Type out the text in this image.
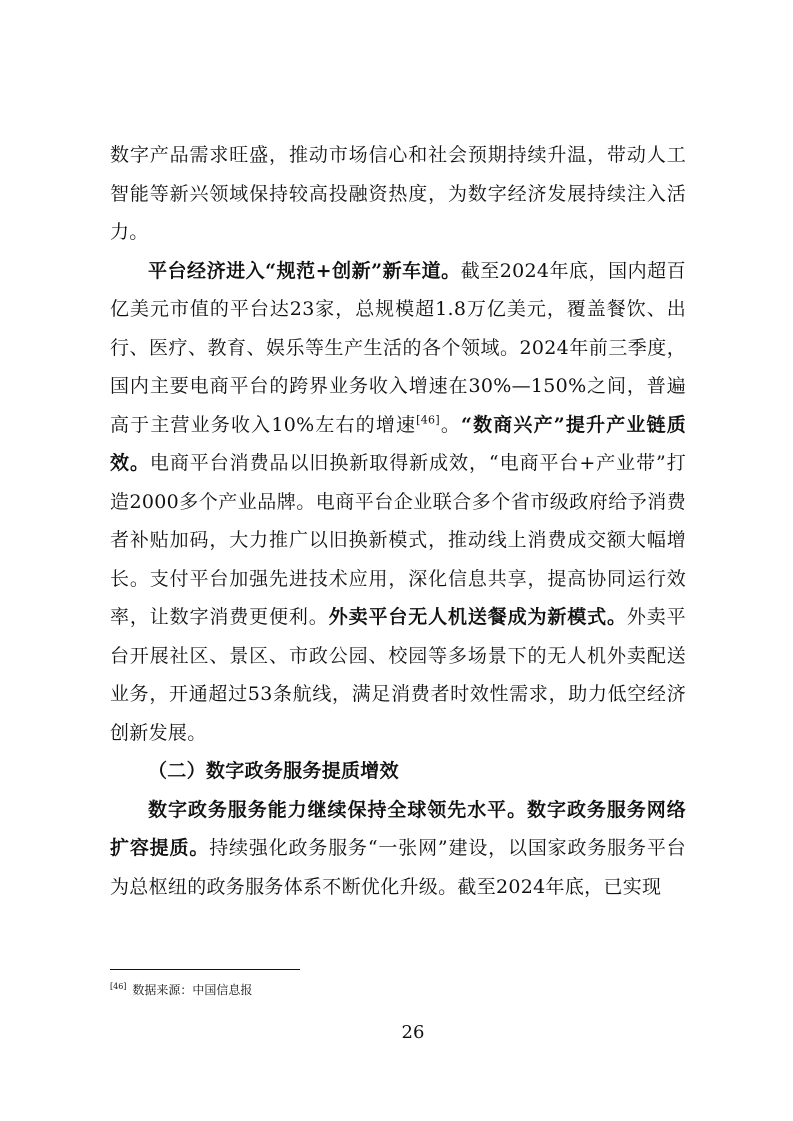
数字产品需求旺盛，推动市场信心和社会预期持续升温，带动人工智能等新兴领域保持较高投融资热度，为数字经济发展持续注入活力。

平台经济进入“规范+创新”新车道。截至2024年底，国内超百亿美元市值的平台达23家，总规模超1.8万亿美元，覆盖餐饮、出行、医疗、教育、娱乐等生产生活的各个领域。2024年前三季度，国内主要电商平台的跨界业务收入增速在30%—150%之间，普遍高于主营业务收入10%左右的增速[46]。“数商兴产”提升产业链质效。电商平台消费品以旧换新取得新成效，“电商平台+产业带”打造2000多个产业品牌。电商平台企业联合多个省市级政府给予消费者补贴加码，大力推广以旧换新模式，推动线上消费成交额大幅增长。支付平台加强先进技术应用，深化信息共享，提高协同运行效率，让数字消费更便利。外卖平台无人机送餐成为新模式。外卖平台开展社区、景区、市政公园、校园等多场景下的无人机外卖配送业务，开通超过53条航线，满足消费者时效性需求，助力低空经济创新发展。

（二）数字政务服务提质增效

数字政务服务能力继续保持全球领先水平。数字政务服务网络扩容提质。持续强化政务服务“一张网”建设，以国家政务服务平台为总枢纽的政务服务体系不断优化升级。截至2024年底，已实现

[46] 数据来源：中国信息报
26
